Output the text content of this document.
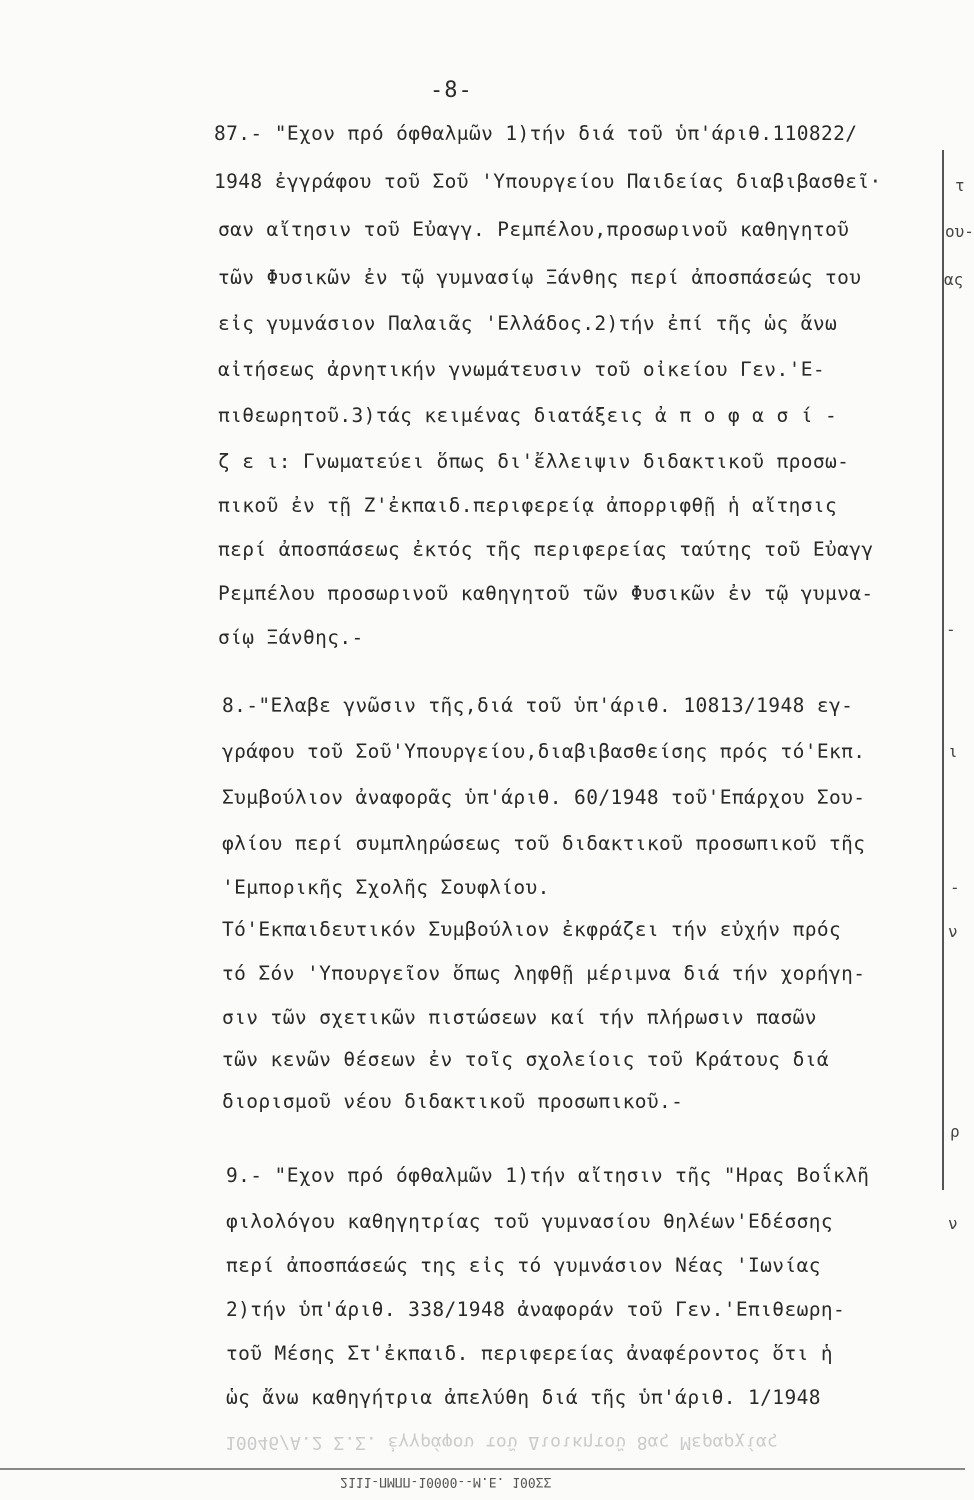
-8-
87.- "Εχον πρό όφθαλμῶν 1)τήν διά τοῦ ὑπ'άριθ.110822/
1948 ἐγγράφου τοῦ Σοῦ 'Υπουργείου Παιδείας διαβιβασθεῖ·
σαν αἴτησιν τοῦ Εὐαγγ. Ρεμπέλου,προσωρινοῦ καθηγητοῦ
τῶν Φυσικῶν ἐν τῷ γυμνασίῳ Ξάνθης περί ἀποσπάσεώς του
εἰς γυμνάσιον Παλαιᾶς 'Ελλάδος.2)τήν ἐπί τῆς ὡς ἄνω
αἰτήσεως ἀρνητικήν γνωμάτευσιν τοῦ οἰκείου Γεν.'Ε-
πιθεωρητοῦ.3)τάς κειμένας διατάξεις ἀ π ο φ α σ ί -
ζ ε ι: Γνωματεύει ὅπως δι'ἔλλειψιν διδακτικοῦ προσω-
πικοῦ ἐν τῇ Ζ'ἐκπαιδ.περιφερείᾳ ἀπορριφθῇ ἡ αἴτησις
περί ἀποσπάσεως ἐκτός τῆς περιφερείας ταύτης τοῦ Εὐαγγ
Ρεμπέλου προσωρινοῦ καθηγητοῦ τῶν Φυσικῶν ἐν τῷ γυμνα-
σίῳ Ξάνθης.-
8.-"Ελαβε γνῶσιν τῆς,διά τοῦ ὑπ'άριθ. 10813/1948 εγ-
γράφου τοῦ Σοῦ'Υπουργείου,διαβιβασθείσης πρός τό'Εκπ.
Συμβούλιον ἀναφορᾶς ὑπ'άριθ. 60/1948 τοῦ'Επάρχου Σου-
φλίου περί συμπληρώσεως τοῦ διδακτικοῦ προσωπικοῦ τῆς
'Εμπορικῆς Σχολῆς Σουφλίου.
Τό'Εκπαιδευτικόν Συμβούλιον ἐκφράζει τήν εὐχήν πρός
τό Σόν 'Υπουργεῖον ὅπως ληφθῇ μέριμνα διά τήν χορήγη-
σιν τῶν σχετικῶν πιστώσεων καί τήν πλήρωσιν πασῶν
τῶν κενῶν θέσεων ἐν τοῖς σχολείοις τοῦ Κράτους διά
διορισμοῦ νέου διδακτικοῦ προσωπικοῦ.-
9.- "Εχον πρό όφθαλμῶν 1)τήν αἴτησιν τῆς "Ηρας Βοΐκλῆ
φιλολόγου καθηγητρίας τοῦ γυμνασίου θηλέων'Εδέσσης
περί ἀποσπάσεώς της εἰς τό γυμνάσιον Νέας 'Ιωνίας
2)τήν ὑπ'άριθ. 338/1948 ἀναφοράν τοῦ Γεν.'Επιθεωρη-
τοῦ Μέσης Στ'ἐκπαιδ. περιφερείας ἀναφέροντος ὅτι ἡ
ὡς ἄνω καθηγήτρια ἀπελύθη διά τῆς ὑπ'άριθ. 1/1948
τ
ου-
ας
-
ι
-
ν
ρ
ν
10046/Α.2 Σ.Σ. ἐγγράφου τοῦ Διοικητοῦ 8ας Μεραρχίας
2111-ΠΜΠΠ-10000--Μ.Ε. 100ΣΣ
